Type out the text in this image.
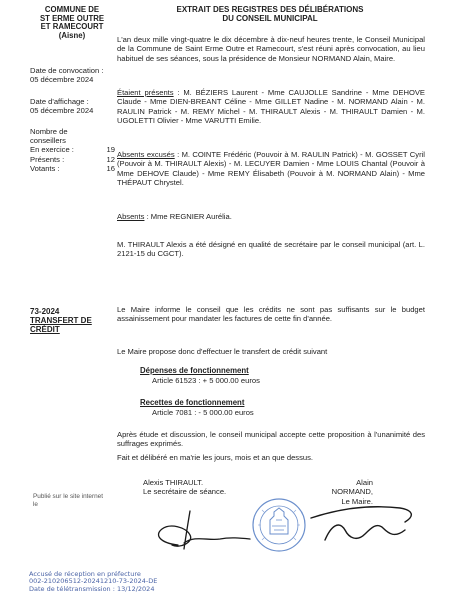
COMMUNE DE
ST ERME OUTRE
ET RAMECOURT
(Aisne)
EXTRAIT DES REGISTRES DES DÉLIBÉRATIONS
DU CONSEIL MUNICIPAL
Date de convocation :
05 décembre 2024
Date d'affichage :
05 décembre 2024
Nombre de
conseillers
En exercice :	19
Présents :	12
Votants :	16
L'an deux mille vingt-quatre le dix décembre à dix-neuf heures trente, le Conseil Municipal de la Commune de Saint Erme Outre et Ramecourt, s'est réuni après convocation, au lieu habituel de ses séances, sous la présidence de Monsieur NORMAND Alain, Maire.
Étaient présents : M. BÉZIERS Laurent - Mme CAUJOLLE Sandrine - Mme DEHOVE Claude - Mme DIEN-BREANT Céline - Mme GILLET Nadine - M. NORMAND Alain - M. RAULIN Patrick - M. REMY Michel - M. THIRAULT Alexis - M. THIRAULT Damien - M. UGOLETTI Olivier - Mme VARUTTI Emilie.
Absents excusés : M. COINTE Frédéric (Pouvoir à M. RAULIN Patrick) - M. GOSSET Cyril (Pouvoir à M. THIRAULT Alexis) - M. LECUYER Damien - Mme LOUIS Chantal (Pouvoir à Mme DEHOVE Claude) - Mme REMY Élisabeth (Pouvoir à M. NORMAND Alain) - Mme THÉPAUT Chrystel.
Absents : Mme REGNIER Aurélia.
M. THIRAULT Alexis a été désigné en qualité de secrétaire par le conseil municipal (art. L. 2121-15 du CGCT).
73-2024
TRANSFERT DE
CRÉDIT
Le Maire informe le conseil que les crédits ne sont pas suffisants sur le budget assainissement pour mandater les factures de cette fin d'année.
Le Maire propose donc d'effectuer le transfert de crédit suivant
Dépenses de fonctionnement
Article 61523 : + 5 000.00 euros
Recettes de fonctionnement
Article 7081 : - 5 000.00 euros
Après étude et discussion, le conseil municipal accepte cette proposition à l'unanimité des suffrages exprimés.
Fait et délibéré en ma'rie les jours, mois et an que dessus.
Alexis THIRAULT.
Le secrétaire de séance.
Alain NORMAND,
Le Maire.
Publié sur le site internet
le
Accusé de réception en préfecture
002-210206512-20241210-73-2024-DE
Date de télétransmission : 13/12/2024
